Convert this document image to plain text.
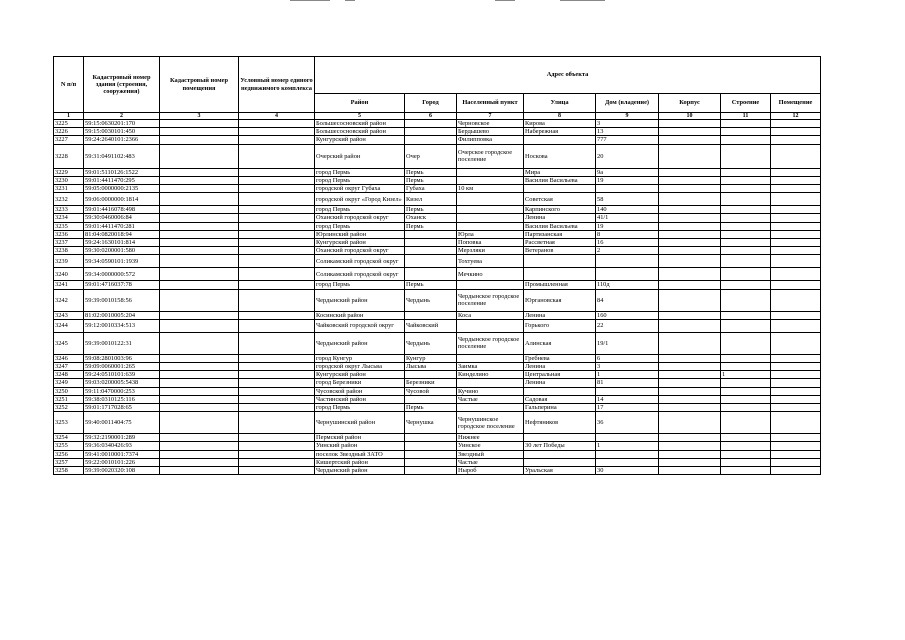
N п/п	Кадастровый номер здания (строения, сооружения)	Кадастровый номер помещения	Условный номер единого недвижимого комплекса	Адрес объекта							
				Район	Город	Населенный пункт	Улица	Дом (владение)	Корпус	Строение	Помещение
1	2	3	4	5	6	7	8	9	10	11	12
3225	59:15:0630201:170			Большесосновский район		Черновское	Кирова	3			
3226	59:15:0030101:450			Большесосновский район		Бердышево	Набережная	13			
3227	59:24:2640101:2366			Кунгурский район		Филипповка		777			
3228	59:31:0491102:483			Очерский район	Очер	Очерское городское поселение	Носкова	20			
3229	59:01:5110126:1522			город Пермь	Пермь		Мира	9а			
3230	59:01:4411470:295			город Пермь	Пермь		Василия Васильева	19			
3231	59:05:0000000:2135			городской округ Губаха	Губаха	10 км					
3232	59:06:0000000:1814			городской округ «Город Кизел»	Кизел		Советская	58			
3233	59:01:4416078:498			город Пермь	Пермь		Карпинского	140			
3234	59:30:0460006:84			Оханский городской округ	Оханск		Ленина	41/1			
3235	59:01:4411470:281			город Пермь	Пермь		Василия Васильева	19			
3236	81:04:0820018:94			Юрлинский район		Юрла	Партизанская	8			
3237	59:24:1630101:814			Кунгурский район		Поповка	Рассветная	16			
3238	59:30:0200001:580			Оханский городской округ		Мерзляки	Ветеранов	2			
3239	59:34:0590101:1939			Соликамский городской округ		Тохтуева					
3240	59:34:0000000:572			Соликамский городской округ		Мечкино					
3241	59:01:4716037:78			город Пермь	Пермь		Промышленная	110д			
3242	59:39:0010158:56			Чердынский район	Чердынь	Чердынское городское поселение	Юргановская	84			
3243	81:02:0010005:204			Косинский район		Коса	Ленина	160			
3244	59:12:0010334:513			Чайковский городской округ	Чайковский		Горького	22			
3245	59:39:0010122:31			Чердынский район	Чердынь	Чердынское городское поселение	Алинская	19/1			
3246	59:08:2801003:96			город Кунгур	Кунгур		Гребнева	6			
3247	59:09:0060001:265			городской округ Лысьва	Лысьва	Заимка	Ленина	3			
3248	59:24:0510101:639			Кунгурский район		Кинделино	Центральная	1		1	
3249	59:03:0200005:5438			город Березники	Березники		Ленина	81			
3250	59:11:0470000:253			Чусовской район	Чусовой	Кучино					
3251	59:38:0310125:116			Частинский район		Частые	Садовая	14			
3252	59:01:1717028:65			город Пермь	Пермь		Гальперина	17			
3253	59:40:0011404:75			Чернушинский район	Чернушка	Чернушинское городское поселение	Нефтяников	36			
3254	59:32:2190001:289			Пермский район		Нижнее					
3255	59:36:0340426:93			Уинский район		Уинское	30 лет Победы	1			
3256	59:41:0010001:7374			поселок Звездный ЗАТО		Звездный					
3257	59:22:0010101:226			Кишертский район		Частые					
3258	59:39:0020320:108			Чердынский район		Ныроб	Уральская	30			
